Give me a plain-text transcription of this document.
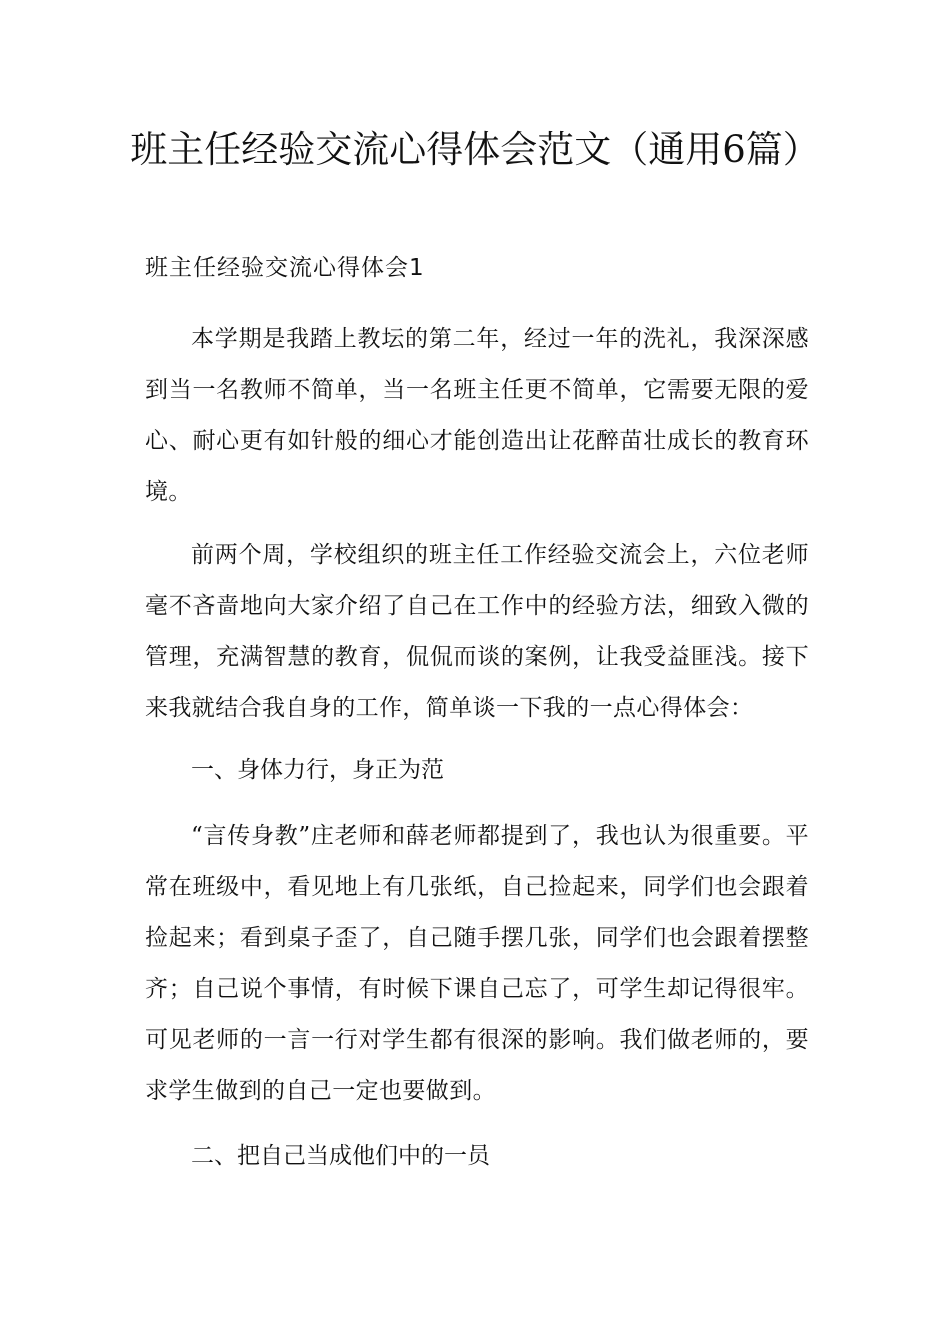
班主任经验交流心得体会范文（通用6篇）
班主任经验交流心得体会1

本学期是我踏上教坛的第二年，经过一年的洗礼，我深深感到当一名教师不简单，当一名班主任更不简单，它需要无限的爱心、耐心更有如针般的细心才能创造出让花醉苗壮成长的教育环境。

前两个周，学校组织的班主任工作经验交流会上，六位老师毫不吝啬地向大家介绍了自己在工作中的经验方法，细致入微的管理，充满智慧的教育，侃侃而谈的案例，让我受益匪浅。接下来我就结合我自身的工作，简单谈一下我的一点心得体会：

一、身体力行，身正为范

“言传身教”庄老师和薛老师都提到了，我也认为很重要。平常在班级中，看见地上有几张纸，自己捡起来，同学们也会跟着捡起来；看到桌子歪了，自己随手摆几张，同学们也会跟着摆整齐；自己说个事情，有时候下课自己忘了，可学生却记得很牢。可见老师的一言一行对学生都有很深的影响。我们做老师的，要求学生做到的自己一定也要做到。

二、把自己当成他们中的一员
